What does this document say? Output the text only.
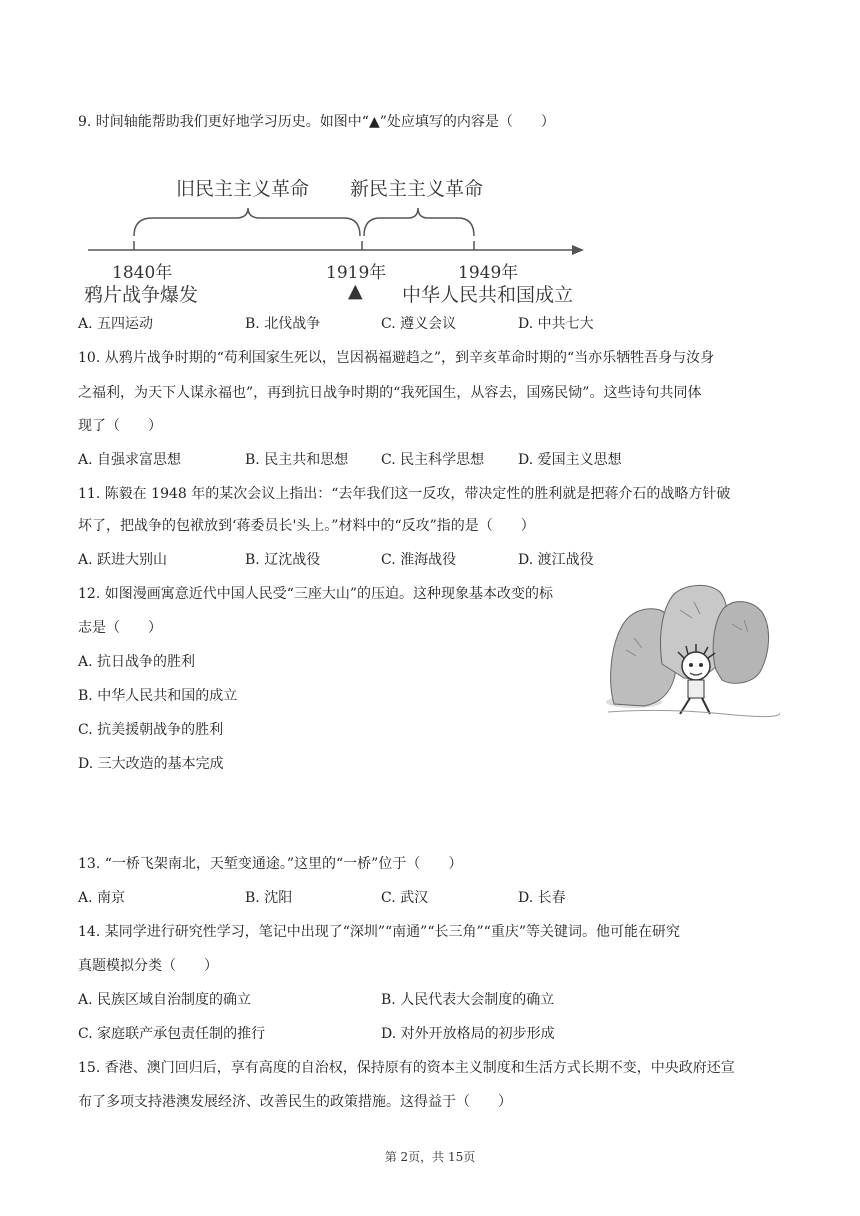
9. 时间轴能帮助我们更好地学习历史。如图中“▲”处应填写的内容是（　　）
旧民主主义革命 新民主主义革命
1840年	1919年	1949年
鸦片战争爆发	▲ 中华人民共和国成立
A. 五四运动	B. 北伐战争	C. 遵义会议	D. 中共七大
10. 从鸦片战争时期的“苟利国家生死以，岂因祸福避趋之”，到辛亥革命时期的“当亦乐牺牲吾身与汝身
之福利，为天下人谋永福也”，再到抗日战争时期的“我死国生，从容去，国殇民恸”。这些诗句共同体
现了（　　）
A. 自强求富思想	B. 民主共和思想 C. 民主科学思想 D. 爱国主义思想
11. 陈毅在 1948 年的某次会议上指出：“去年我们这一反攻，带决定性的胜利就是把蒋介石的战略方针破
坏了，把战争的包袱放到‘蒋委员长'头上。”材料中的“反攻”指的是（　　）
A. 跃进大别山	B. 辽沈战役	C. 淮海战役	D. 渡江战役
12. 如图漫画寓意近代中国人民受“三座大山”的压迫。这种现象基本改变的标
志是（　　）
A. 抗日战争的胜利
B. 中华人民共和国的成立
C. 抗美援朝战争的胜利
D. 三大改造的基本完成
13. “一桥飞架南北，天堑变通途。”这里的“一桥”位于（　　）
A. 南京	B. 沈阳	C. 武汉	D. 长春
14. 某同学进行研究性学习，笔记中出现了“深圳”“南通”“长三角”“重庆”等关键词。他可能在研究
真题模拟分类（　　）
A. 民族区域自治制度的确立	B. 人民代表大会制度的确立
C. 家庭联产承包责任制的推行	D. 对外开放格局的初步形成
15. 香港、澳门回归后，享有高度的自治权，保持原有的资本主义制度和生活方式长期不变，中央政府还宣
布了多项支持港澳发展经济、改善民生的政策措施。这得益于（　　）
第 2页，共 15页
